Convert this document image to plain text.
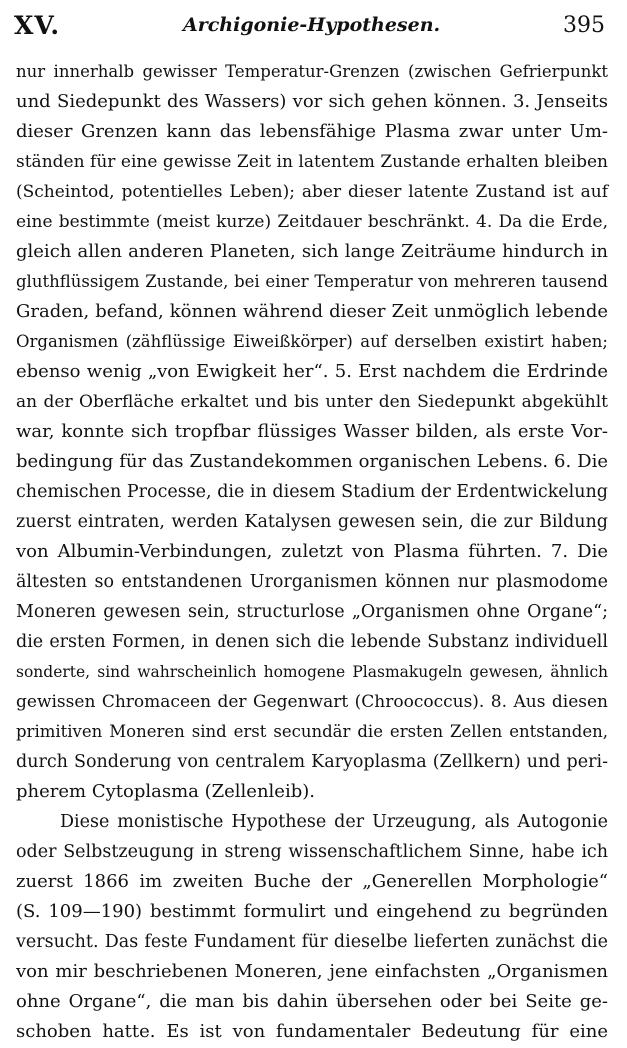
XV.	Archigonie-Hypothesen.	395
nur innerhalb gewisser Temperatur-Grenzen (zwischen Gefrierpunkt
und Siedepunkt des Wassers) vor sich gehen können. 3. Jenseits
dieser Grenzen kann das lebensfähige Plasma zwar unter Um-
ständen für eine gewisse Zeit in latentem Zustande erhalten bleiben
(Scheintod, potentielles Leben); aber dieser latente Zustand ist auf
eine bestimmte (meist kurze) Zeitdauer beschränkt. 4. Da die Erde,
gleich allen anderen Planeten, sich lange Zeiträume hindurch in
gluthflüssigem Zustande, bei einer Temperatur von mehreren tausend
Graden, befand, können während dieser Zeit unmöglich lebende
Organismen (zähflüssige Eiweißkörper) auf derselben existirt haben;
ebenso wenig „von Ewigkeit her“. 5. Erst nachdem die Erdrinde
an der Oberfläche erkaltet und bis unter den Siedepunkt abgekühlt
war, konnte sich tropfbar flüssiges Wasser bilden, als erste Vor-
bedingung für das Zustandekommen organischen Lebens. 6. Die
chemischen Processe, die in diesem Stadium der Erdentwickelung
zuerst eintraten, werden Katalysen gewesen sein, die zur Bildung
von Albumin-Verbindungen, zuletzt von Plasma führten. 7. Die
ältesten so entstandenen Urorganismen können nur plasmodome
Moneren gewesen sein, structurlose „Organismen ohne Organe“;
die ersten Formen, in denen sich die lebende Substanz individuell
sonderte, sind wahrscheinlich homogene Plasmakugeln gewesen, ähnlich
gewissen Chromaceen der Gegenwart (Chroococcus). 8. Aus diesen
primitiven Moneren sind erst secundär die ersten Zellen entstanden,
durch Sonderung von centralem Karyoplasma (Zellkern) und peri-
pherem Cytoplasma (Zellenleib).
Diese monistische Hypothese der Urzeugung, als Autogonie
oder Selbstzeugung in streng wissenschaftlichem Sinne, habe ich
zuerst 1866 im zweiten Buche der „Generellen Morphologie“
(S. 109—190) bestimmt formulirt und eingehend zu begründen
versucht. Das feste Fundament für dieselbe lieferten zunächst die
von mir beschriebenen Moneren, jene einfachsten „Organismen
ohne Organe“, die man bis dahin übersehen oder bei Seite ge-
schoben hatte. Es ist von fundamentaler Bedeutung für eine
